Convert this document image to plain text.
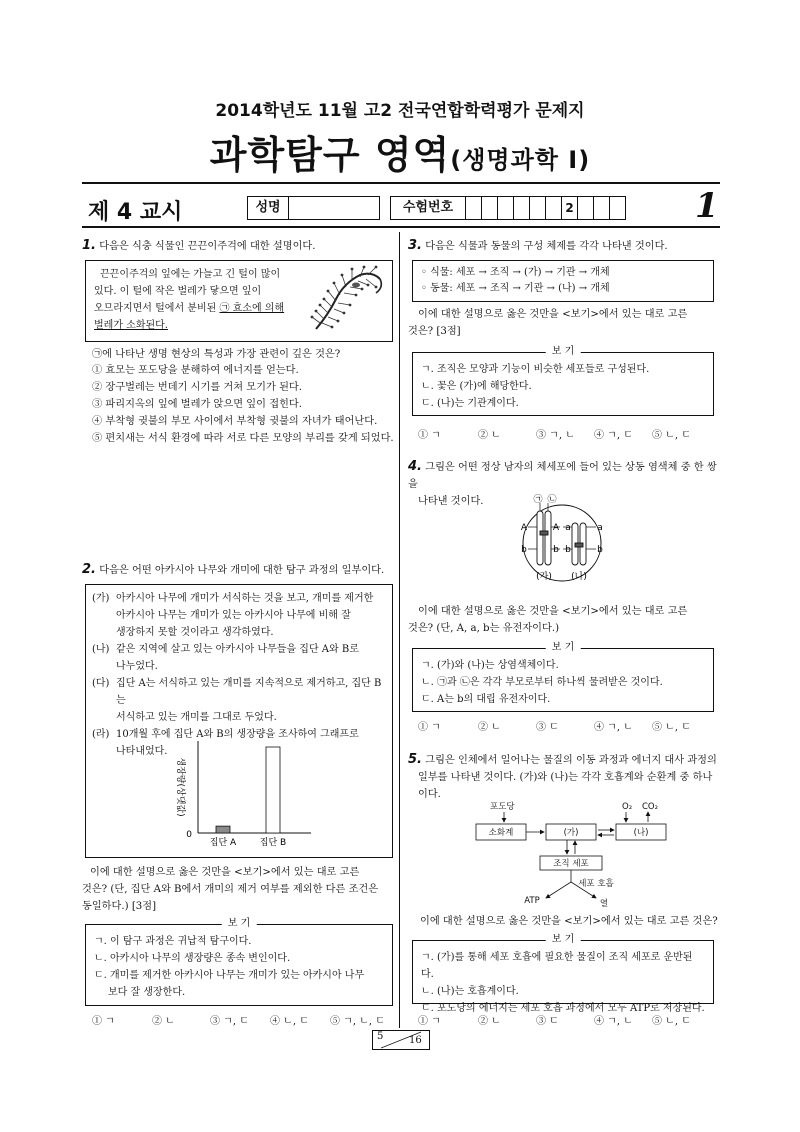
2014학년도 11월 고2 전국연합학력평가 문제지
과학탐구 영역(생명과학 Ⅰ)
제 4 교시	성명	수험번호	2	1
1. 다음은 식충 식물인 끈끈이주걱에 대한 설명이다.
끈끈이주걱의 잎에는 가늘고 긴 털이 많이
있다. 이 털에 작은 벌레가 닿으면 잎이
오므라지면서 털에서 분비된 ㉠ 효소에 의해
벌레가 소화된다.
㉠에 나타난 생명 현상의 특성과 가장 관련이 깊은 것은?
① 효모는 포도당을 분해하여 에너지를 얻는다.
② 장구벌레는 번데기 시기를 거쳐 모기가 된다.
③ 파리지옥의 잎에 벌레가 앉으면 잎이 접힌다.
④ 부착형 귓불의 부모 사이에서 부착형 귓불의 자녀가 태어난다.
⑤ 편치새는 서식 환경에 따라 서로 다른 모양의 부리를 갖게 되었다.
2. 다음은 어떤 아카시아 나무와 개미에 대한 탐구 과정의 일부이다.
(가) 아카시아 나무에 개미가 서식하는 것을 보고, 개미를 제거한
아카시아 나무는 개미가 있는 아카시아 나무에 비해 잘
생장하지 못할 것이라고 생각하였다.
(나) 같은 지역에 살고 있는 아카시아 나무들을 집단 A와 B로
나누었다.
(다) 집단 A는 서식하고 있는 개미를 지속적으로 제거하고, 집단 B는
서식하고 있는 개미를 그대로 두었다.
(라) 10개월 후에 집단 A와 B의 생장량을 조사하여 그래프로
나타내었다.
생장량(상댓값)
0
집단 A	집단 B
이에 대한 설명으로 옳은 것만을 <보기>에서 있는 대로 고른
것은? (단, 집단 A와 B에서 개미의 제거 여부를 제외한 다른 조건은
동일하다.) [3점]
보 기
ㄱ. 이 탐구 과정은 귀납적 탐구이다.
ㄴ. 아카시아 나무의 생장량은 종속 변인이다.
ㄷ. 개미를 제거한 아카시아 나무는 개미가 있는 아카시아 나무
보다 잘 생장한다.
① ㄱ	② ㄴ	③ ㄱ, ㄷ	④ ㄴ, ㄷ	⑤ ㄱ, ㄴ, ㄷ
3. 다음은 식물과 동물의 구성 체제를 각각 나타낸 것이다.
◦ 식물: 세포 → 조직 → (가) → 기관 → 개체
◦ 동물: 세포 → 조직 → 기관 → (나) → 개체
이에 대한 설명으로 옳은 것만을 <보기>에서 있는 대로 고른
것은? [3점]
보 기
ㄱ. 조직은 모양과 기능이 비슷한 세포들로 구성된다.
ㄴ. 꽃은 (가)에 해당한다.
ㄷ. (나)는 기관계이다.
① ㄱ	② ㄴ	③ ㄱ, ㄴ	④ ㄱ, ㄷ	⑤ ㄴ, ㄷ
4. 그림은 어떤 정상 남자의 체세포에 들어 있는 상동 염색체 중 한 쌍을
나타낸 것이다.	㉠ ㉡
A	A a	a
b	b b	b
(가) (나)
이에 대한 설명으로 옳은 것만을 <보기>에서 있는 대로 고른
것은? (단, A, a, b는 유전자이다.)
보 기
ㄱ. (가)와 (나)는 상염색체이다.
ㄴ. ㉠과 ㉡은 각각 부모로부터 하나씩 물려받은 것이다.
ㄷ. A는 b의 대립 유전자이다.
① ㄱ	② ㄴ	③ ㄷ	④ ㄱ, ㄴ	⑤ ㄴ, ㄷ
5. 그림은 인체에서 일어나는 물질의 이동 과정과 에너지 대사 과정의
일부를 나타낸 것이다. (가)와 (나)는 각각 호흡계와 순환계 중 하나
이다.
포도당	O₂ CO₂
소화계	(가)	(나)
조직 세포
세포 호흡
ATP	열
이에 대한 설명으로 옳은 것만을 <보기>에서 있는 대로 고른 것은?
보 기
ㄱ. (가)를 통해 세포 호흡에 필요한 물질이 조직 세포로 운반된다.
ㄴ. (나)는 호흡계이다.
ㄷ. 포도당의 에너지는 세포 호흡 과정에서 모두 ATP로 저장된다.
① ㄱ	② ㄴ	③ ㄷ	④ ㄱ, ㄴ	⑤ ㄴ, ㄷ
5	16
